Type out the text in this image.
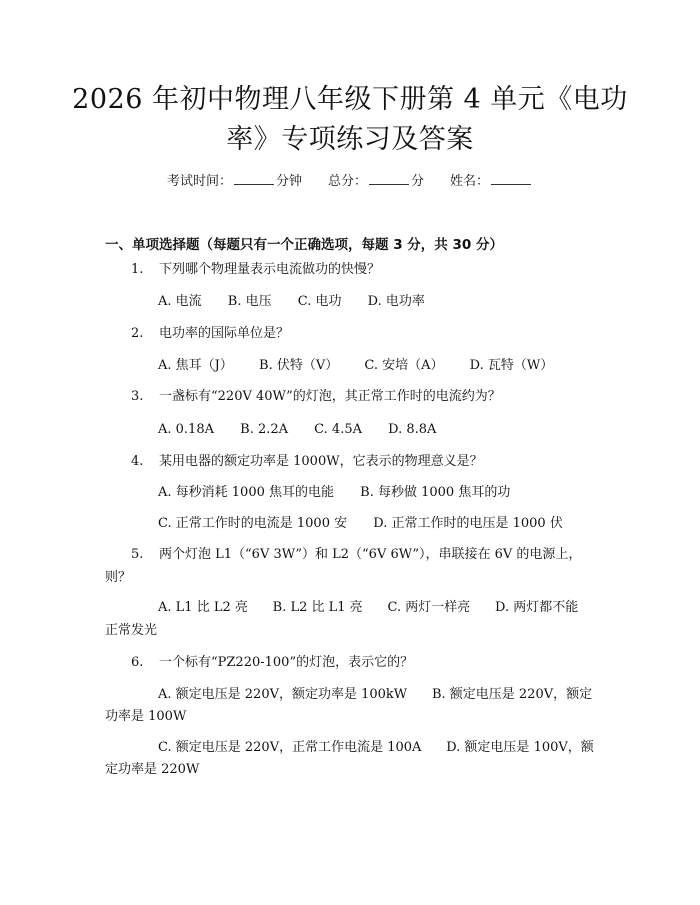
2026 年初中物理八年级下册第 4 单元《电功
率》专项练习及答案
考试时间：	分钟 总分：	分 姓名：
一、单项选择题（每题只有一个正确选项，每题 3 分，共 30 分）
1. 下列哪个物理量表示电流做功的快慢？
A. 电流 B. 电压 C. 电功 D. 电功率
2. 电功率的国际单位是？
A. 焦耳（J） B. 伏特（V） C. 安培（A） D. 瓦特（W）
3. 一盏标有“220V 40W”的灯泡，其正常工作时的电流约为？
A. 0.18A B. 2.2A C. 4.5A D. 8.8A
4. 某用电器的额定功率是 1000W，它表示的物理意义是？
A. 每秒消耗 1000 焦耳的电能 B. 每秒做 1000 焦耳的功
C. 正常工作时的电流是 1000 安 D. 正常工作时的电压是 1000 伏
5. 两个灯泡 L1（“6V 3W”）和 L2（“6V 6W”），串联接在 6V 的电源上，
则？
A. L1 比 L2 亮      B. L2 比 L1 亮      C. 两灯一样亮      D. 两灯都不能
正常发光
6. 一个标有“PZ220-100”的灯泡，表示它的？
A. 额定电压是 220V，额定功率是 100kW      B. 额定电压是 220V，额定
功率是 100W
C. 额定电压是 220V，正常工作电流是 100A      D. 额定电压是 100V，额
定功率是 220W
